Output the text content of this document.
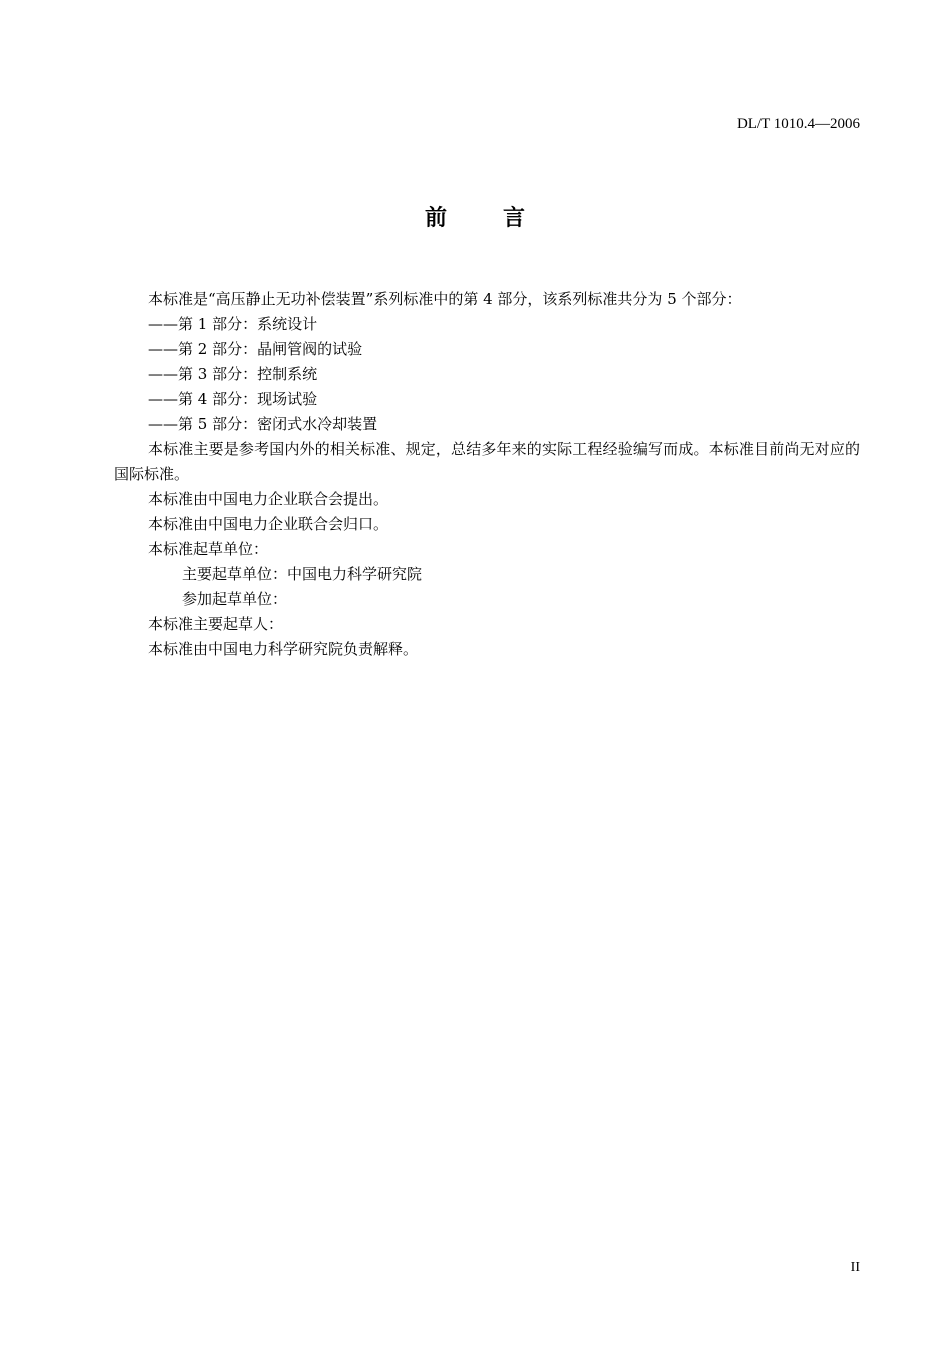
DL/T 1010.4—2006
前言

本标准是“高压静止无功补偿装置”系列标准中的第 4 部分，该系列标准共分为 5 个部分：

——第 1 部分：系统设计

——第 2 部分：晶闸管阀的试验

——第 3 部分：控制系统

——第 4 部分：现场试验

——第 5 部分：密闭式水冷却装置

本标准主要是参考国内外的相关标准、规定，总结多年来的实际工程经验编写而成。本标准目前尚无对应的国际标准。

本标准由中国电力企业联合会提出。

本标准由中国电力企业联合会归口。

本标准起草单位：

主要起草单位：中国电力科学研究院

参加起草单位：

本标准主要起草人：

本标准由中国电力科学研究院负责解释。

II
